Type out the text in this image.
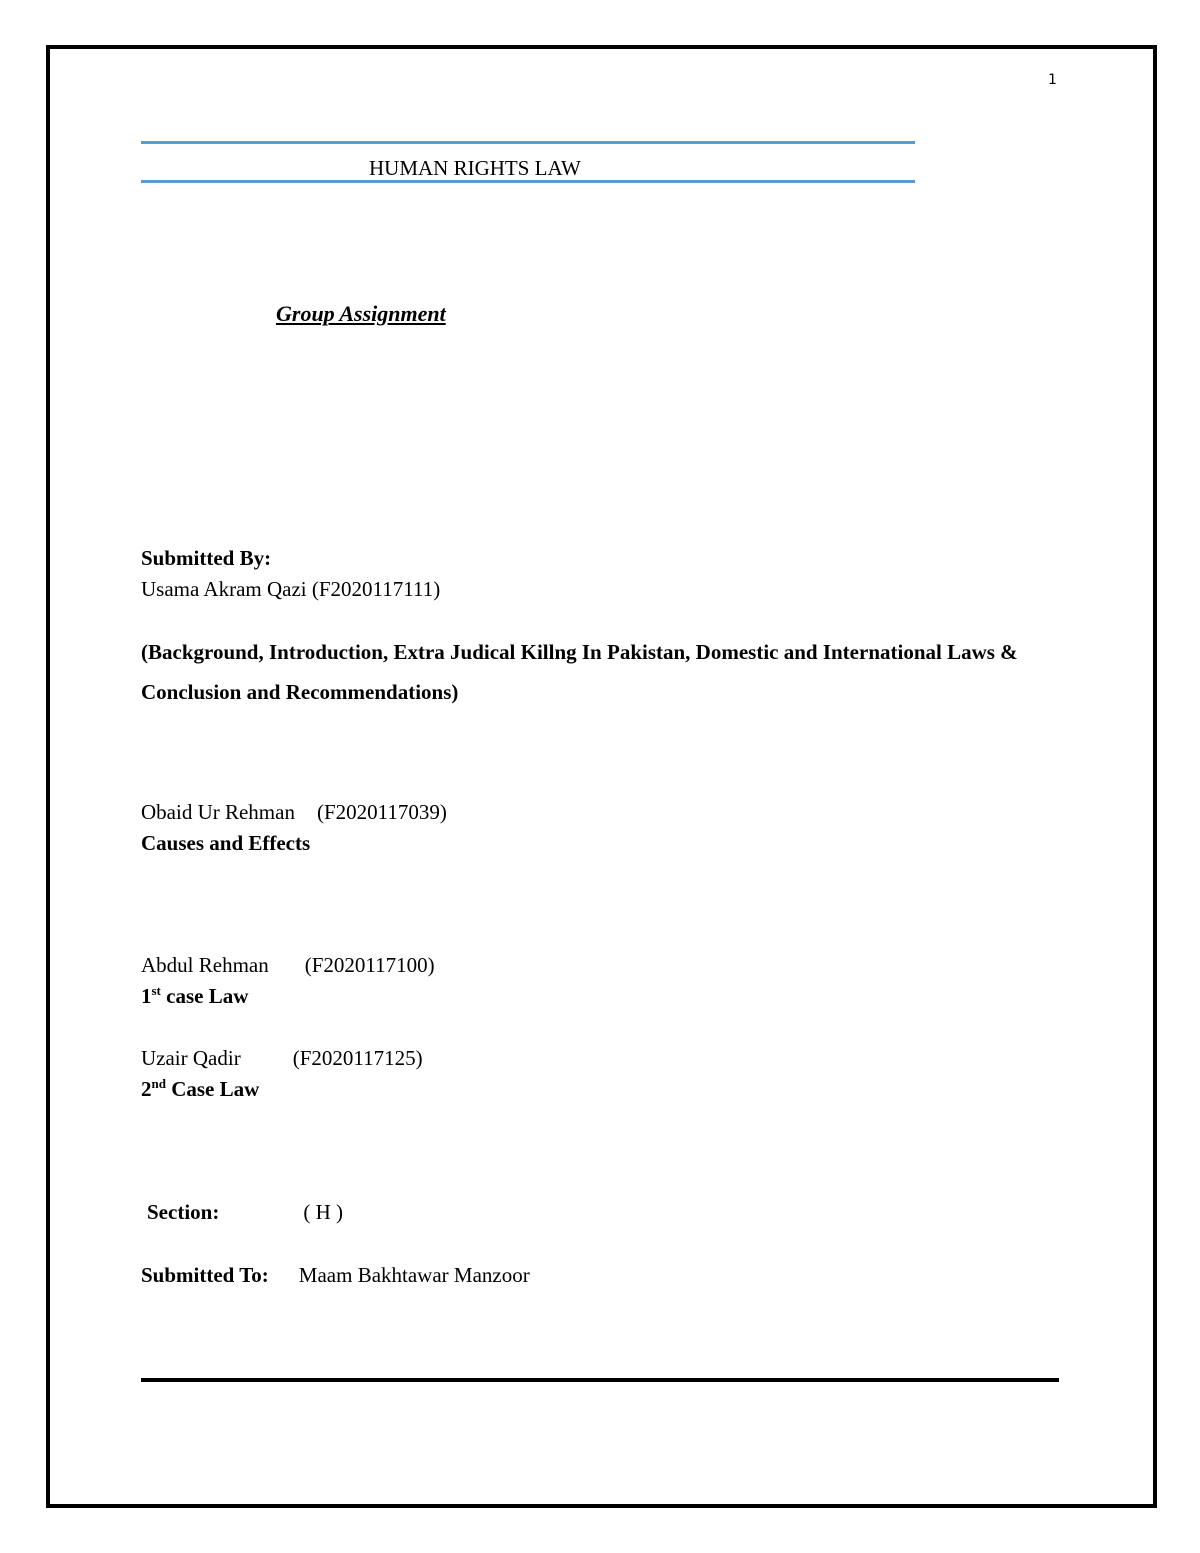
1
HUMAN RIGHTS LAW
Group Assignment
Submitted By:
Usama Akram Qazi (F2020117111)
(Background, Introduction, Extra Judical Killng In Pakistan, Domestic and International Laws & Conclusion and Recommendations)
Obaid Ur Rehman (F2020117039)
Causes and Effects
Abdul Rehman (F2020117100)
1st case Law
Uzair Qadir (F2020117125)
2nd Case Law
Section:	( H )
Submitted To: Maam Bakhtawar Manzoor
